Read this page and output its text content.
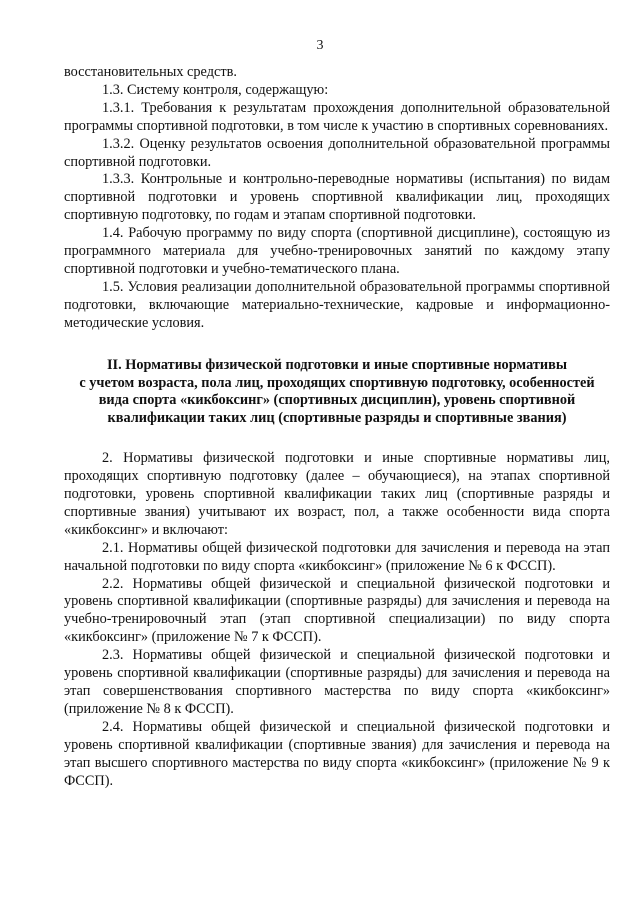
3

восстановительных средств.

1.3. Систему контроля, содержащую:

1.3.1. Требования к результатам прохождения дополнительной образовательной программы спортивной подготовки, в том числе к участию в спортивных соревнованиях.

1.3.2. Оценку результатов освоения дополнительной образовательной программы спортивной подготовки.

1.3.3. Контрольные и контрольно-переводные нормативы (испытания) по видам спортивной подготовки и уровень спортивной квалификации лиц, проходящих спортивную подготовку, по годам и этапам спортивной подготовки.

1.4. Рабочую программу по виду спорта (спортивной дисциплине), состоящую из программного материала для учебно-тренировочных занятий по каждому этапу спортивной подготовки и учебно-тематического плана.

1.5. Условия реализации дополнительной образовательной программы спортивной подготовки, включающие материально-технические, кадровые и информационно-методические условия.

II. Нормативы физической подготовки и иные спортивные нормативы
с учетом возраста, пола лиц, проходящих спортивную подготовку, особенностей
вида спорта «кикбоксинг» (спортивных дисциплин), уровень спортивной
квалификации таких лиц (спортивные разряды и спортивные звания)

2. Нормативы физической подготовки и иные спортивные нормативы лиц, проходящих спортивную подготовку (далее – обучающиеся), на этапах спортивной подготовки, уровень спортивной квалификации таких лиц (спортивные разряды и спортивные звания) учитывают их возраст, пол, а также особенности вида спорта «кикбоксинг» и включают:

2.1. Нормативы общей физической подготовки для зачисления и перевода на этап начальной подготовки по виду спорта «кикбоксинг» (приложение № 6 к ФССП).

2.2. Нормативы общей физической и специальной физической подготовки и уровень спортивной квалификации (спортивные разряды) для зачисления и перевода на учебно-тренировочный этап (этап спортивной специализации) по виду спорта «кикбоксинг» (приложение № 7 к ФССП).

2.3. Нормативы общей физической и специальной физической подготовки и уровень спортивной квалификации (спортивные разряды) для зачисления и перевода на этап совершенствования спортивного мастерства по виду спорта «кикбоксинг» (приложение № 8 к ФССП).

2.4. Нормативы общей физической и специальной физической подготовки и уровень спортивной квалификации (спортивные звания) для зачисления и перевода на этап высшего спортивного мастерства по виду спорта «кикбоксинг» (приложение № 9 к ФССП).
